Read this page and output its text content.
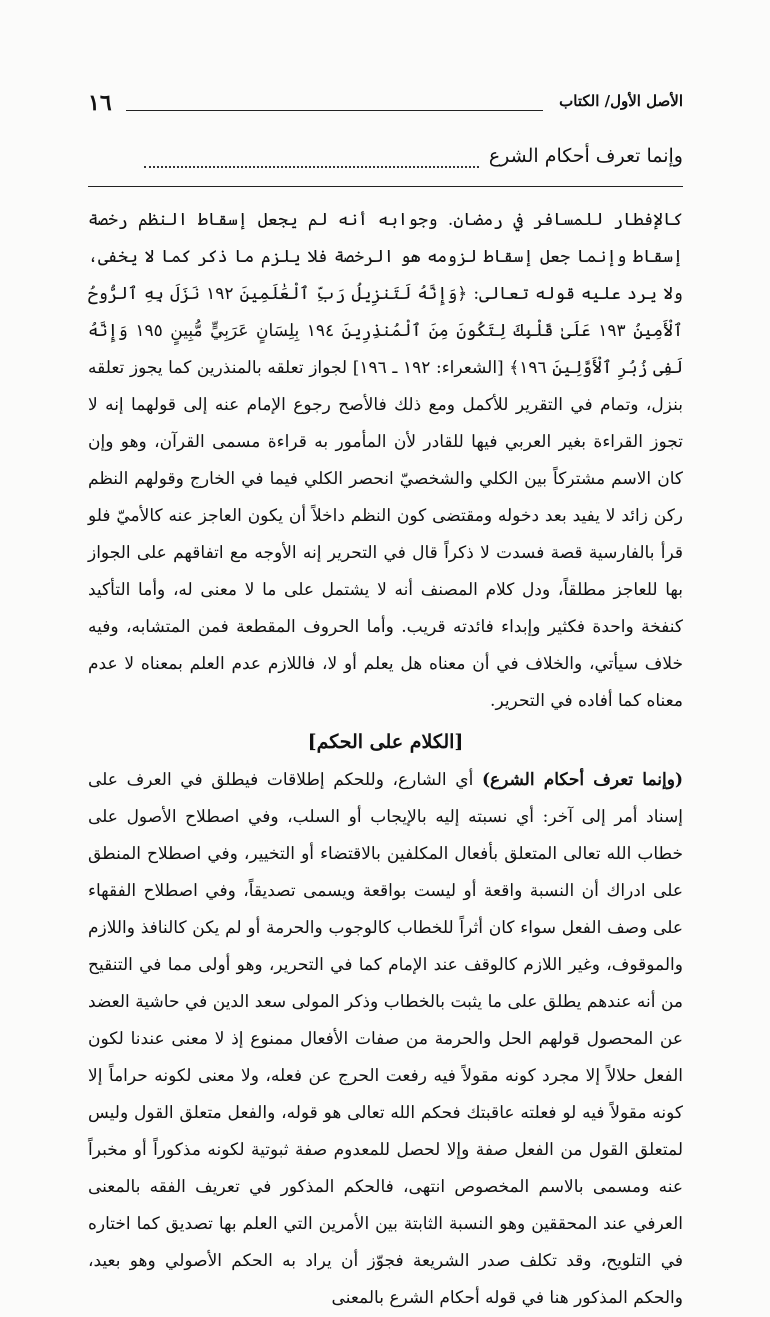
١٦	الأصل الأول/ الكتاب
وإنما تعرف أحكام الشرع

كالإفطار للمسافر في رمضان. وجوابه أنه لم يجعل إسقاط النظم رخصة إسقاط وإنما جعل إسقاط لزومه هو الرخصة فلا يلزم ما ذكر كما لا يخفى، ولا يرد عليه قوله تعالى: ﴿وَإِنَّهُ لَتَنزِيلُ رَبِّ ٱلْعَٰلَمِينَ ١٩٢ نَزَلَ بِهِ ٱلرُّوحُ ٱلْأَمِينُ ١٩٣ عَلَىٰ قَلْبِكَ لِتَكُونَ مِنَ ٱلْمُنذِرِينَ ١٩٤ بِلِسَانٍ عَرَبِيٍّ مُّبِينٍ ١٩٥ وَإِنَّهُ لَفِى زُبُرِ ٱلْأَوَّلِينَ ١٩٦﴾ [الشعراء: ١٩٢ ـ ١٩٦] لجواز تعلقه بالمنذرين كما يجوز تعلقه بنزل، وتمام في التقرير للأكمل ومع ذلك فالأصح رجوع الإمام عنه إلى قولهما إنه لا تجوز القراءة بغير العربي فيها للقادر لأن المأمور به قراءة مسمى القرآن، وهو وإن كان الاسم مشتركاً بين الكلي والشخصيّ انحصر الكلي فيما في الخارج وقولهم النظم ركن زائد لا يفيد بعد دخوله ومقتضى كون النظم داخلاً أن يكون العاجز عنه كالأميّ فلو قرأ بالفارسية قصة فسدت لا ذكراً قال في التحرير إنه الأوجه مع اتفاقهم على الجواز بها للعاجز مطلقاً، ودل كلام المصنف أنه لا يشتمل على ما لا معنى له، وأما التأكيد كنفخة واحدة فكثير وإبداء فائدته قريب. وأما الحروف المقطعة فمن المتشابه، وفيه خلاف سيأتي، والخلاف في أن معناه هل يعلم أو لا، فاللازم عدم العلم بمعناه لا عدم معناه كما أفاده في التحرير.

[الكلام على الحكم]

(وإنما تعرف أحكام الشرع) أي الشارع، وللحكم إطلاقات فيطلق في العرف على إسناد أمر إلى آخر: أي نسبته إليه بالإيجاب أو السلب، وفي اصطلاح الأصول على خطاب الله تعالى المتعلق بأفعال المكلفين بالاقتضاء أو التخيير، وفي اصطلاح المنطق على ادراك أن النسبة واقعة أو ليست بواقعة ويسمى تصديقاً، وفي اصطلاح الفقهاء على وصف الفعل سواء كان أثراً للخطاب كالوجوب والحرمة أو لم يكن كالنافذ واللازم والموقوف، وغير اللازم كالوقف عند الإمام كما في التحرير، وهو أولى مما في التنقيح من أنه عندهم يطلق على ما يثبت بالخطاب وذكر المولى سعد الدين في حاشية العضد عن المحصول قولهم الحل والحرمة من صفات الأفعال ممنوع إذ لا معنى عندنا لكون الفعل حلالاً إلا مجرد كونه مقولاً فيه رفعت الحرج عن فعله، ولا معنى لكونه حراماً إلا كونه مقولاً فيه لو فعلته عاقبتك فحكم الله تعالى هو قوله، والفعل متعلق القول وليس لمتعلق القول من الفعل صفة وإلا لحصل للمعدوم صفة ثبوتية لكونه مذكوراً أو مخبراً عنه ومسمى بالاسم المخصوص انتهى، فالحكم المذكور في تعريف الفقه بالمعنى العرفي عند المحققين وهو النسبة الثابتة بين الأمرين التي العلم بها تصديق كما اختاره في التلويح، وقد تكلف صدر الشريعة فجوّز أن يراد به الحكم الأصولي وهو بعيد، والحكم المذكور هنا في قوله أحكام الشرع بالمعنى
